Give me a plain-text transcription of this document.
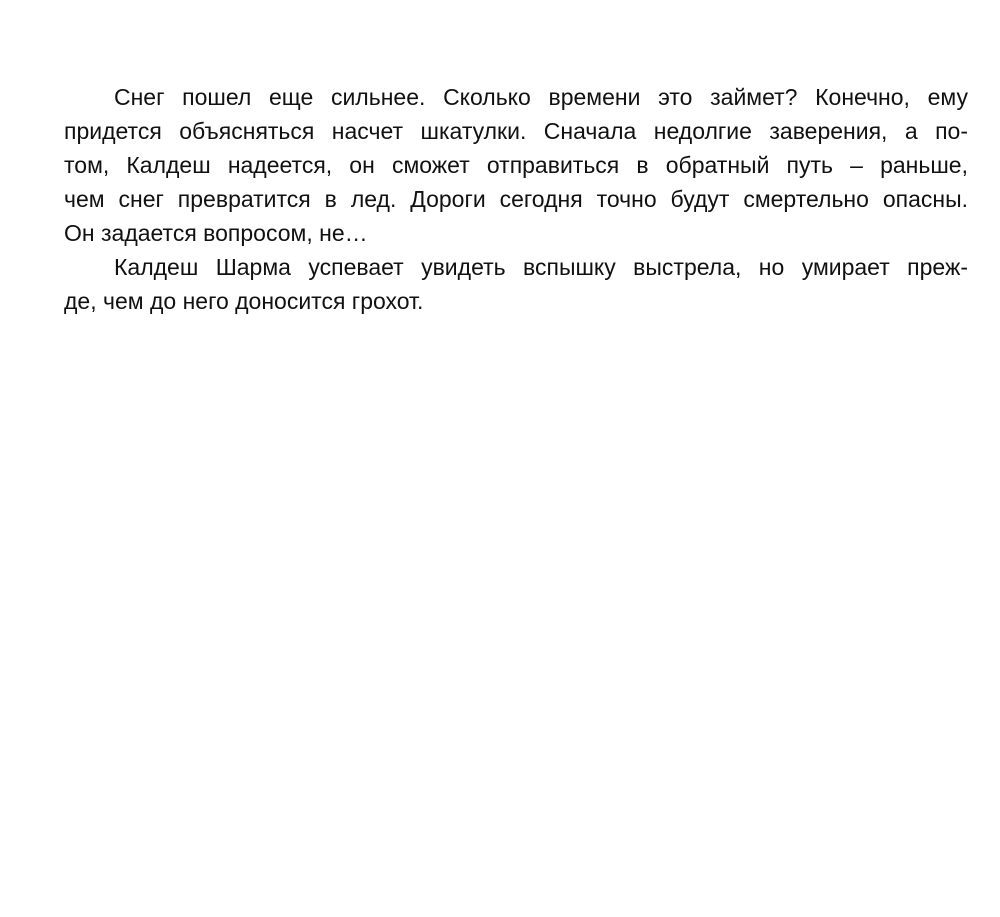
Снег пошел еще сильнее. Сколько времени это займет? Конечно, ему
придется объясняться насчет шкатулки. Сначала недолгие заверения, а по-
том, Калдеш надеется, он сможет отправиться в обратный путь – раньше,
чем снег превратится в лед. Дороги сегодня точно будут смертельно опасны.
Он задается вопросом, не…
Калдеш Шарма успевает увидеть вспышку выстрела, но умирает преж-
де, чем до него доносится грохот.
